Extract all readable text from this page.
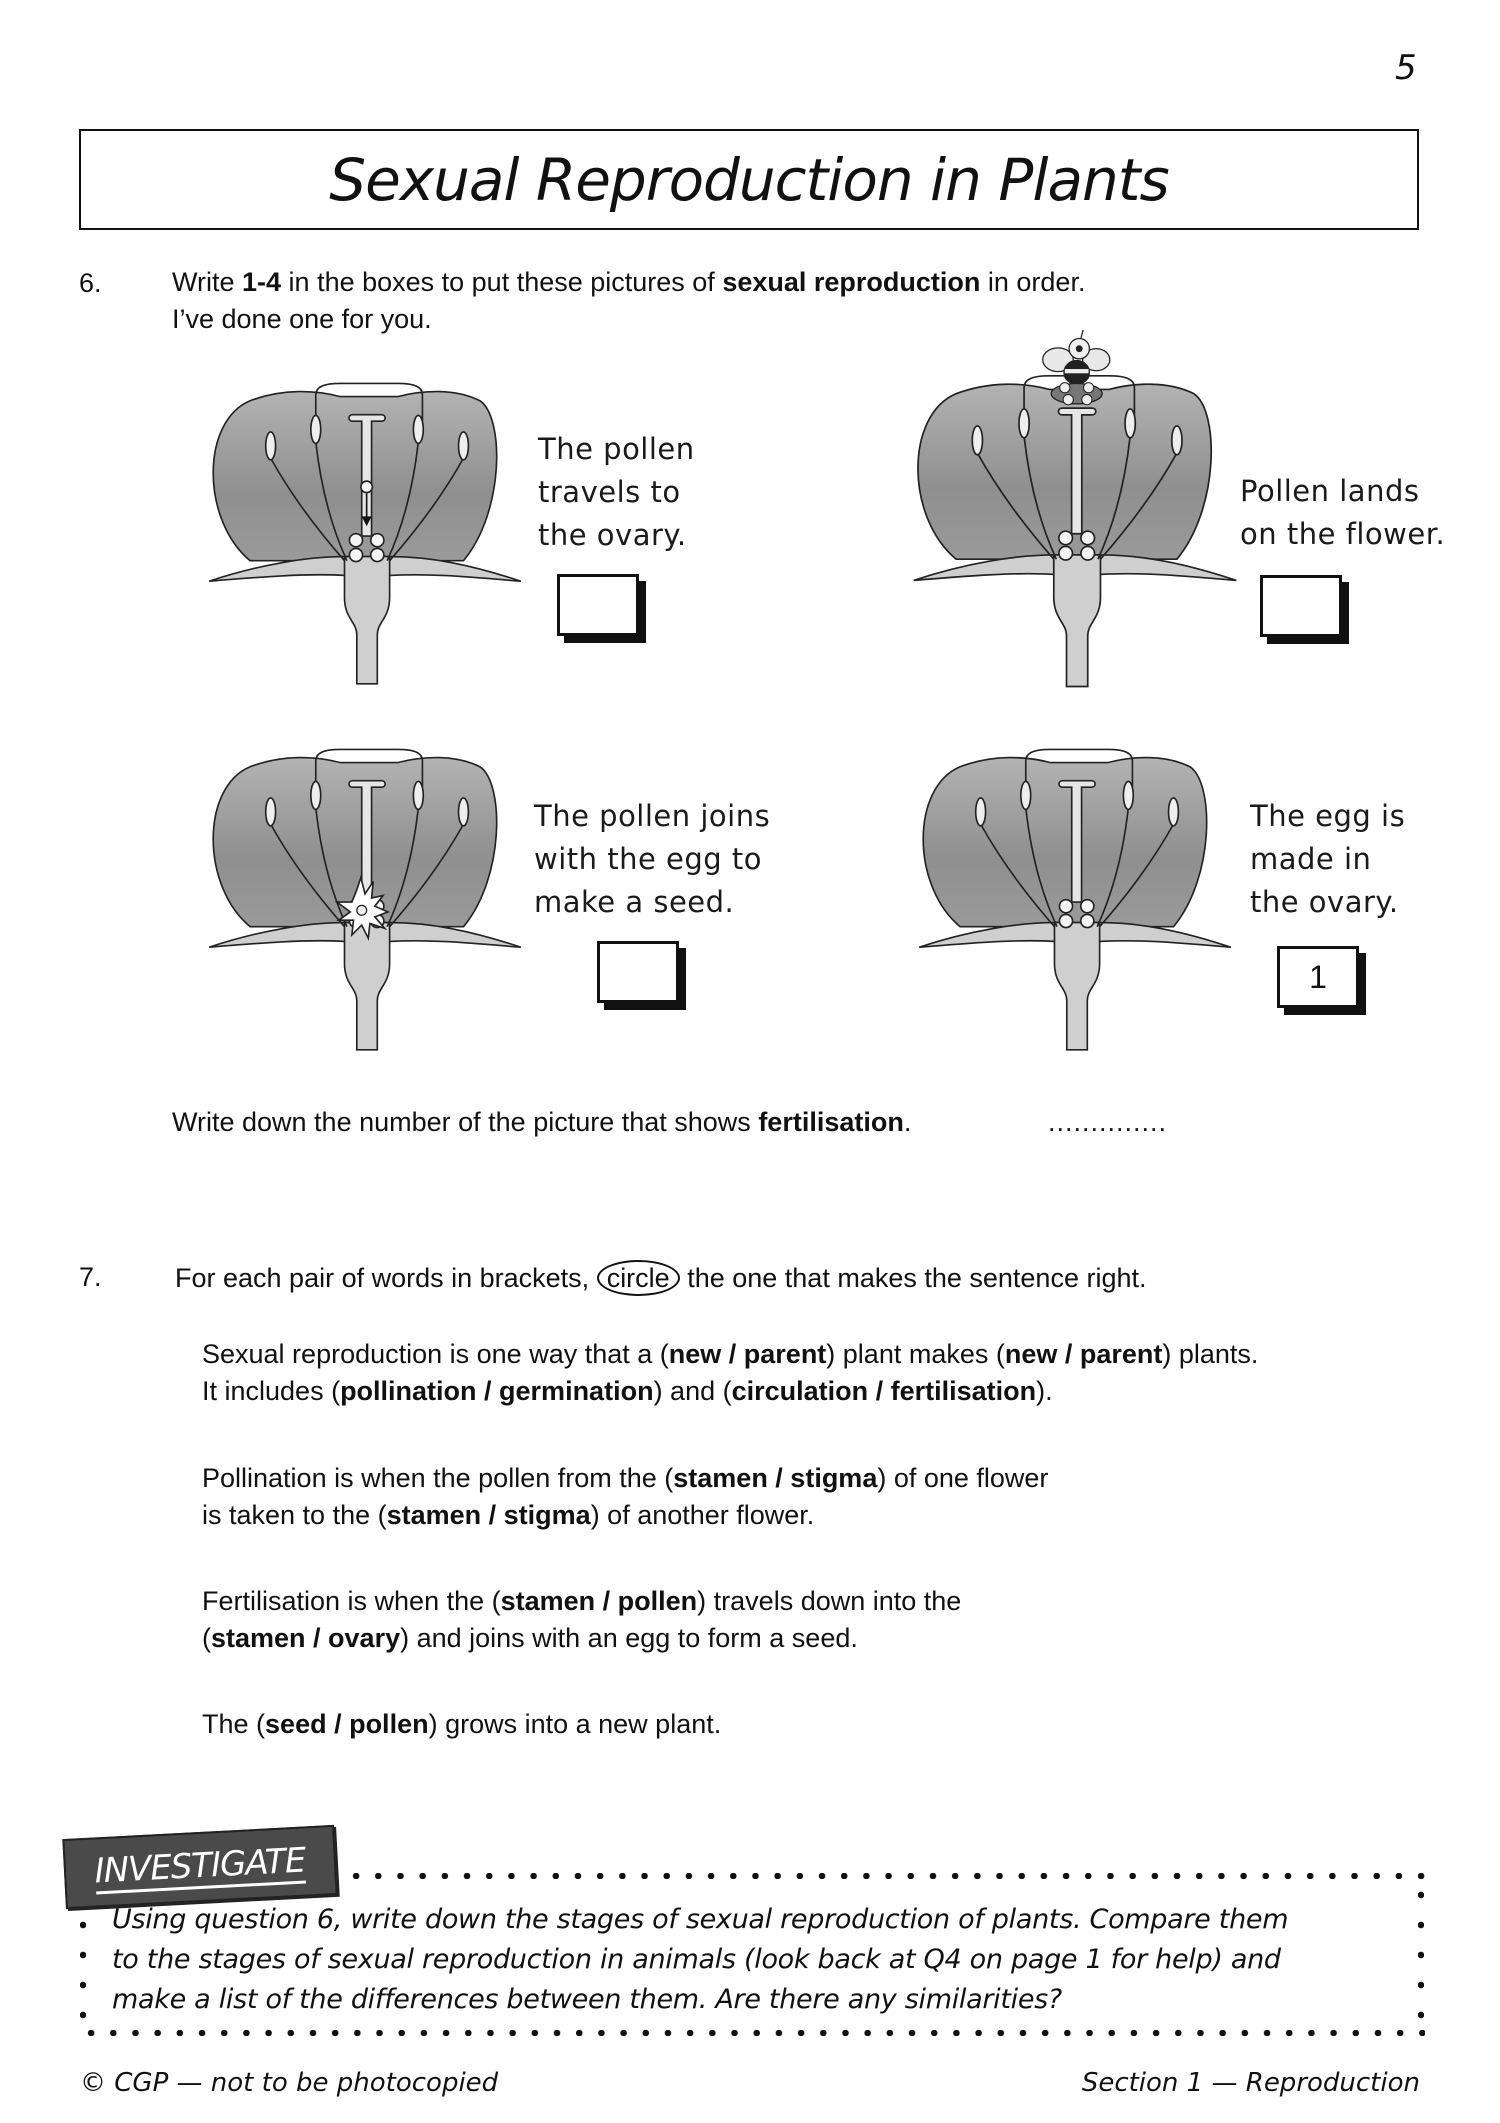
5
Sexual Reproduction in Plants
6.	Write 1-4 in the boxes to put these pictures of sexual reproduction in order.
I’ve done one for you.
The pollen
travels to
the ovary.
Pollen lands
on the flower.
The pollen joins
with the egg to
make a seed.
The egg is
made in
the ovary.
1
Write down the number of the picture that shows fertilisation.	..............
7.	For each pair of words in brackets, circle the one that makes the sentence right.
Sexual reproduction is one way that a (new / parent) plant makes (new / parent) plants.
It includes (pollination / germination) and (circulation / fertilisation).
Pollination is when the pollen from the (stamen / stigma) of one flower
is taken to the (stamen / stigma) of another flower.
Fertilisation is when the (stamen / pollen) travels down into the
(stamen / ovary) and joins with an egg to form a seed.
The (seed / pollen) grows into a new plant.
INVESTIGATE
Using question 6, write down the stages of sexual reproduction of plants. Compare them
to the stages of sexual reproduction in animals (look back at Q4 on page 1 for help) and
make a list of the differences between them. Are there any similarities?
© CGP — not to be photocopied	Section 1 — Reproduction
